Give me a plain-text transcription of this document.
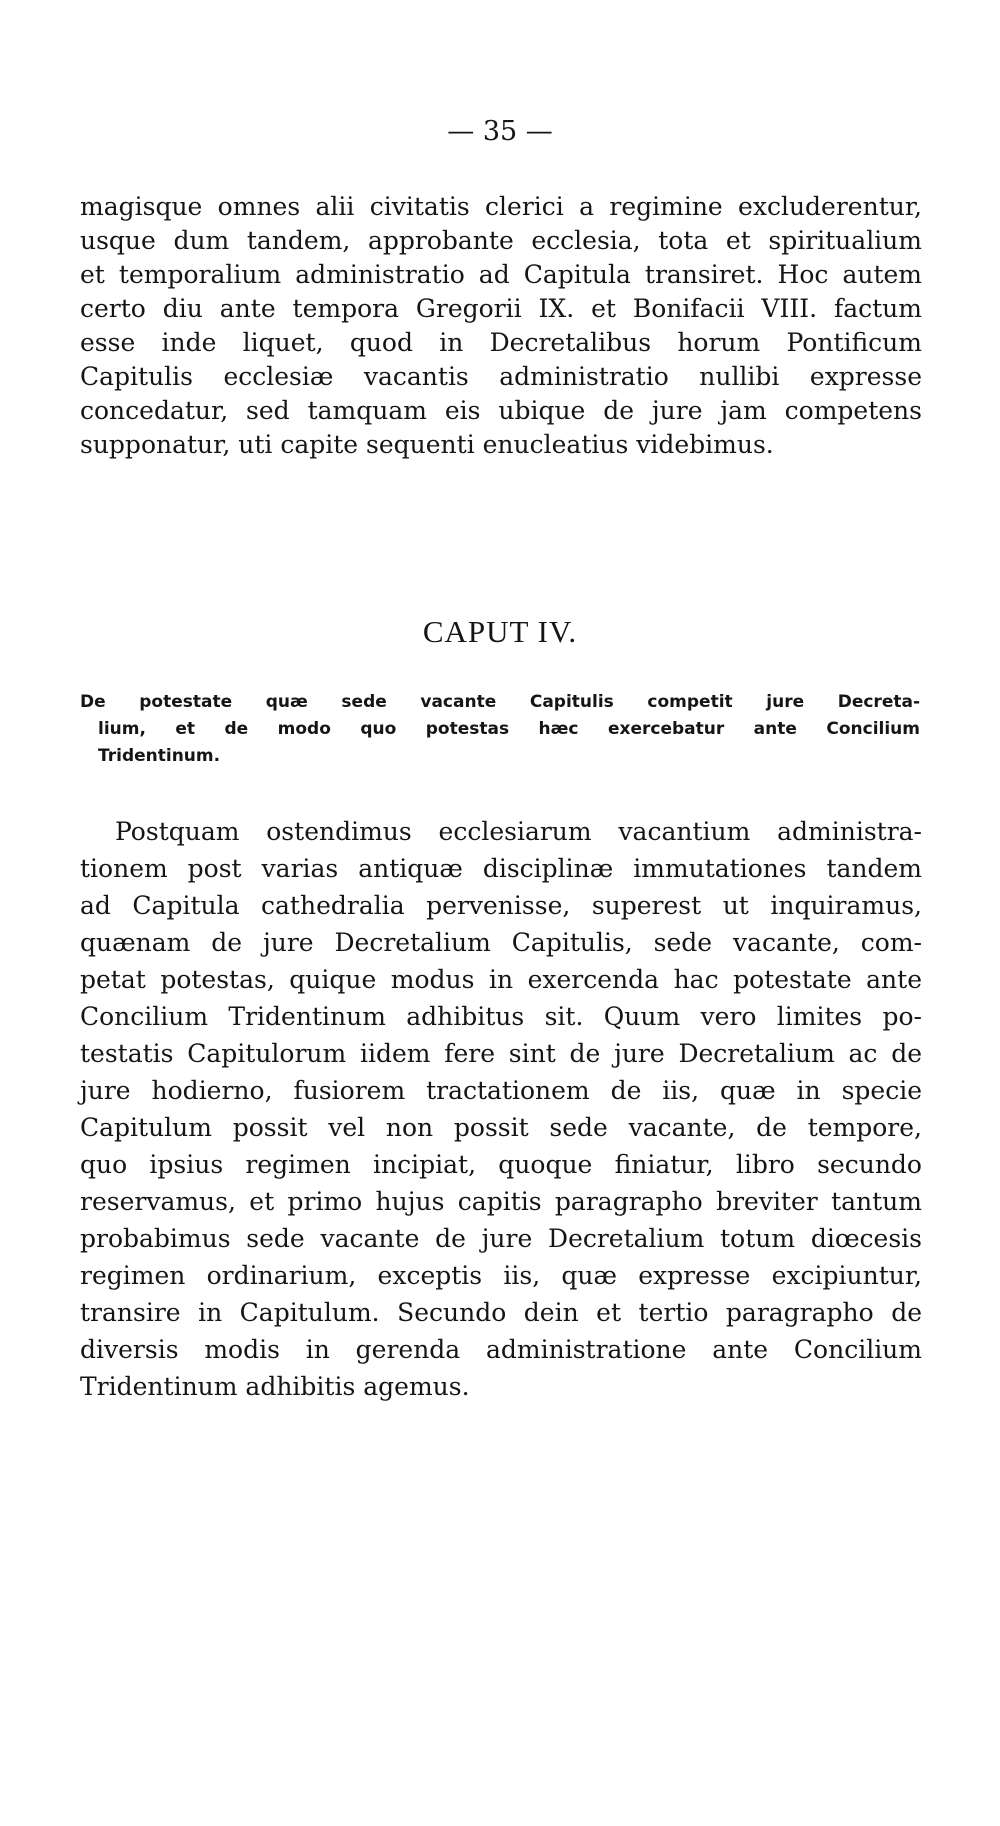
— 35 —
magisque omnes alii civitatis clerici a regimine excluderentur,
usque dum tandem, approbante ecclesia, tota et spiritualium
et temporalium administratio ad Capitula transiret. Hoc autem
certo diu ante tempora Gregorii IX. et Bonifacii VIII. factum
esse inde liquet, quod in Decretalibus horum Pontificum
Capitulis ecclesiæ vacantis administratio nullibi expresse
concedatur, sed tamquam eis ubique de jure jam competens
supponatur, uti capite sequenti enucleatius videbimus.
CAPUT IV.
De potestate quæ sede vacante Capitulis competit jure Decreta-
lium, et de modo quo potestas hæc exercebatur ante Concilium
Tridentinum.
Postquam ostendimus ecclesiarum vacantium administra-
tionem post varias antiquæ disciplinæ immutationes tandem
ad Capitula cathedralia pervenisse, superest ut inquiramus,
quænam de jure Decretalium Capitulis, sede vacante, com-
petat potestas, quique modus in exercenda hac potestate ante
Concilium Tridentinum adhibitus sit. Quum vero limites po-
testatis Capitulorum iidem fere sint de jure Decretalium ac de
jure hodierno, fusiorem tractationem de iis, quæ in specie
Capitulum possit vel non possit sede vacante, de tempore,
quo ipsius regimen incipiat, quoque finiatur, libro secundo
reservamus, et primo hujus capitis paragrapho breviter tantum
probabimus sede vacante de jure Decretalium totum diœcesis
regimen ordinarium, exceptis iis, quæ expresse excipiuntur,
transire in Capitulum. Secundo dein et tertio paragrapho de
diversis modis in gerenda administratione ante Concilium
Tridentinum adhibitis agemus.
